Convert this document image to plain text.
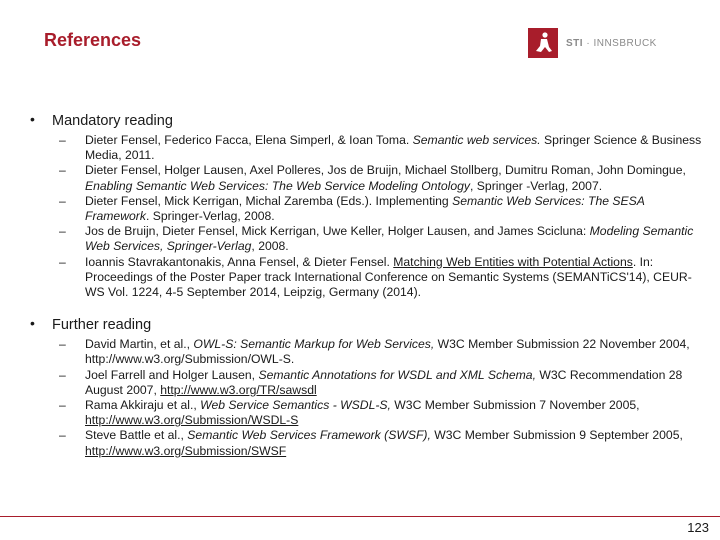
References	STI · INNSBRUCK
• Mandatory reading
– Dieter Fensel, Federico Facca, Elena Simperl, & Ioan Toma. Semantic web services. Springer Science & Business Media, 2011.
– Dieter Fensel, Holger Lausen, Axel Polleres, Jos de Bruijn, Michael Stollberg, Dumitru Roman, John Domingue, Enabling Semantic Web Services: The Web Service Modeling Ontology, Springer -Verlag, 2007.
– Dieter Fensel, Mick Kerrigan, Michal Zaremba (Eds.). Implementing Semantic Web Services: The SESA Framework. Springer-Verlag, 2008.
– Jos de Bruijn, Dieter Fensel, Mick Kerrigan, Uwe Keller, Holger Lausen, and James Scicluna: Modeling Semantic Web Services, Springer-Verlag, 2008.
– Ioannis Stavrakantonakis, Anna Fensel, & Dieter Fensel. Matching Web Entities with Potential Actions. In: Proceedings of the Poster Paper track International Conference on Semantic Systems (SEMANTiCS'14), CEUR-WS Vol. 1224, 4-5 September 2014, Leipzig, Germany (2014).
• Further reading
– David Martin, et al., OWL-S: Semantic Markup for Web Services, W3C Member Submission 22 November 2004, http://www.w3.org/Submission/OWL-S.
– Joel Farrell and Holger Lausen, Semantic Annotations for WSDL and XML Schema, W3C Recommendation 28 August 2007, http://www.w3.org/TR/sawsdl
– Rama Akkiraju et al., Web Service Semantics - WSDL-S, W3C Member Submission 7 November 2005, http://www.w3.org/Submission/WSDL-S
– Steve Battle et al., Semantic Web Services Framework (SWSF), W3C Member Submission 9 September 2005, http://www.w3.org/Submission/SWSF
123
